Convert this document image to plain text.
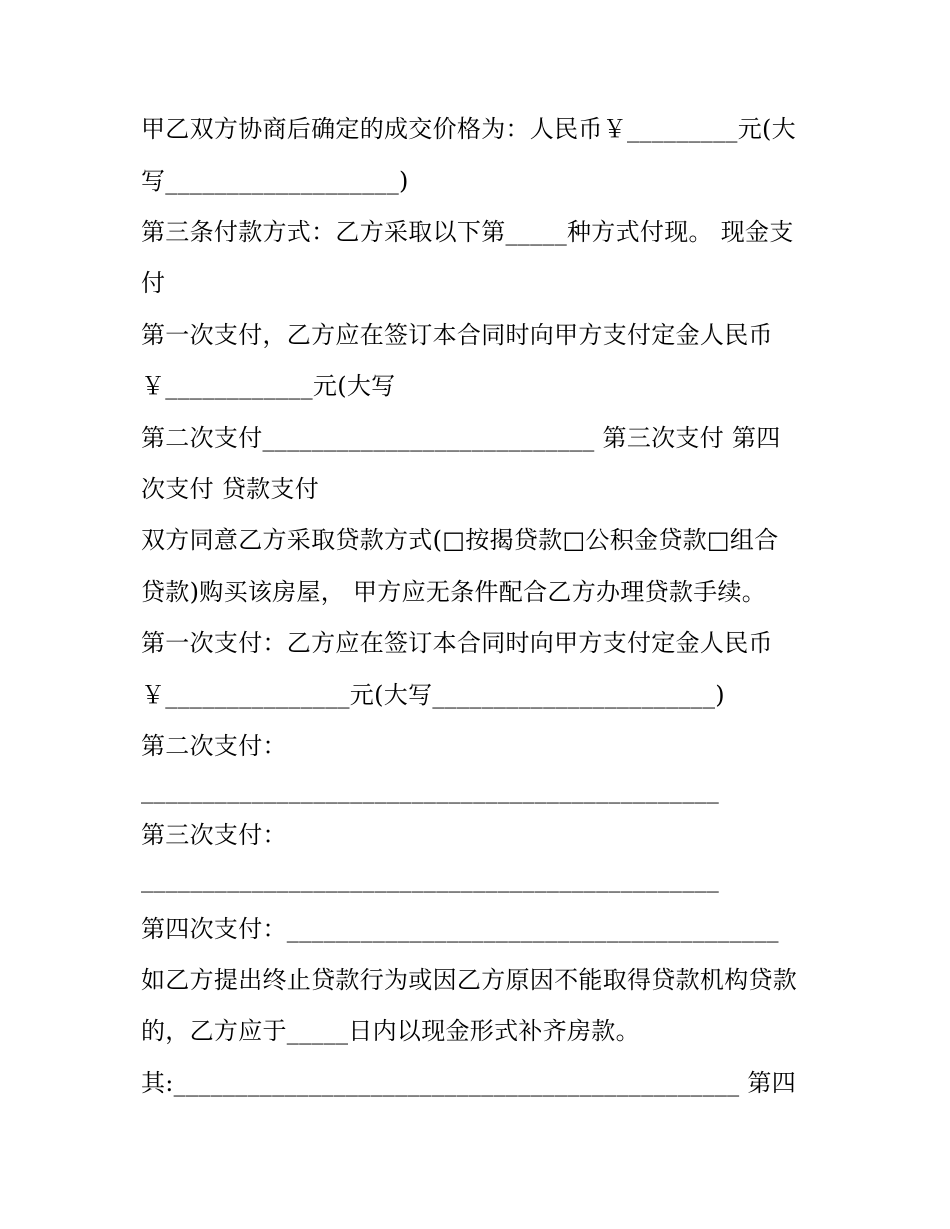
甲乙双方协商后确定的成交价格为：人民币￥_________元(大
写___________________)
第三条付款方式：乙方采取以下第_____种方式付现。 现金支
付
第一次支付，乙方应在签订本合同时向甲方支付定金人民币
￥____________元(大写
第二次支付___________________________ 第三次支付 第四
次支付 贷款支付
双方同意乙方采取贷款方式(□按揭贷款□公积金贷款□组合
贷款)购买该房屋， 甲方应无条件配合乙方办理贷款手续。
第一次支付：乙方应在签订本合同时向甲方支付定金人民币
￥_______________元(大写_______________________)
第二次支付：
_______________________________________________
第三次支付：
_______________________________________________
第四次支付：________________________________________
如乙方提出终止贷款行为或因乙方原因不能取得贷款机构贷款
的，乙方应于_____日内以现金形式补齐房款。
其:______________________________________________ 第四
